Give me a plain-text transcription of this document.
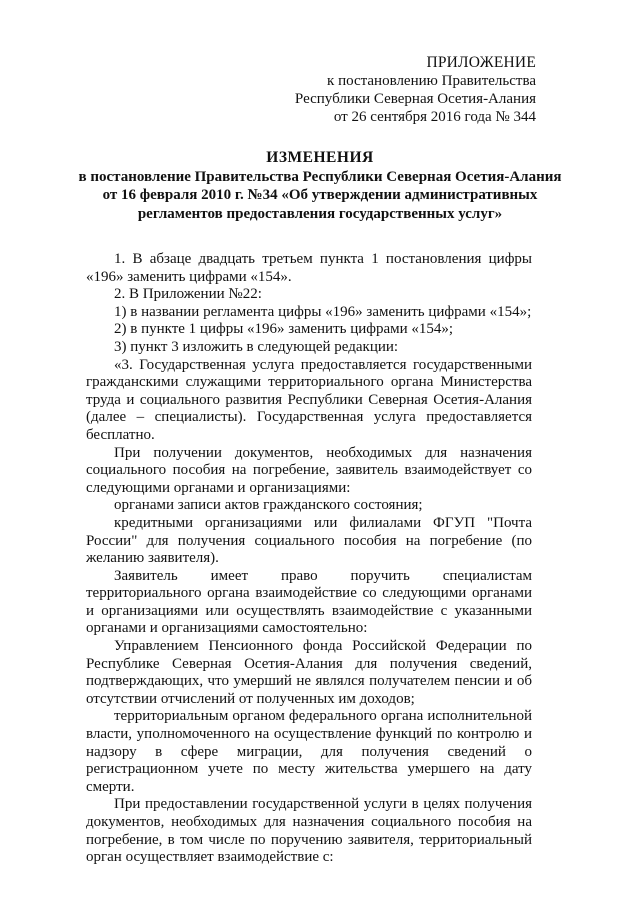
ПРИЛОЖЕНИЕ
к постановлению Правительства
Республики Северная Осетия-Алания
от 26 сентября 2016 года № 344
ИЗМЕНЕНИЯ
в постановление Правительства Республики Северная Осетия-Алания
от 16 февраля 2010 г. №34 «Об утверждении административных
регламентов предоставления государственных услуг»

1. В абзаце двадцать третьем пункта 1 постановления цифры «196» заменить цифрами «154».

2. В Приложении №22:

1) в названии регламента цифры «196» заменить цифрами «154»;

2) в пункте 1 цифры «196» заменить цифрами «154»;

3) пункт 3 изложить в следующей редакции:

«3. Государственная услуга предоставляется государственными гражданскими служащими территориального органа Министерства труда и социального развития Республики Северная Осетия-Алания (далее – специалисты). Государственная услуга предоставляется бесплатно.

При получении документов, необходимых для назначения социального пособия на погребение, заявитель взаимодействует со следующими органами и организациями:

органами записи актов гражданского состояния;

кредитными организациями или филиалами ФГУП "Почта России" для получения социального пособия на погребение (по желанию заявителя).

Заявитель имеет право поручить специалистам территориального органа взаимодействие со следующими органами и организациями или осуществлять взаимодействие с указанными органами и организациями самостоятельно:

Управлением Пенсионного фонда Российской Федерации по Республике Северная Осетия-Алания для получения сведений, подтверждающих, что умерший не являлся получателем пенсии и об отсутствии отчислений от полученных им доходов;

территориальным органом федерального органа исполнительной власти, уполномоченного на осуществление функций по контролю и надзору в сфере миграции, для получения сведений о регистрационном учете по месту жительства умершего на дату смерти.

При предоставлении государственной услуги в целях получения документов, необходимых для назначения социального пособия на погребение, в том числе по поручению заявителя, территориальный орган осуществляет взаимодействие с:
